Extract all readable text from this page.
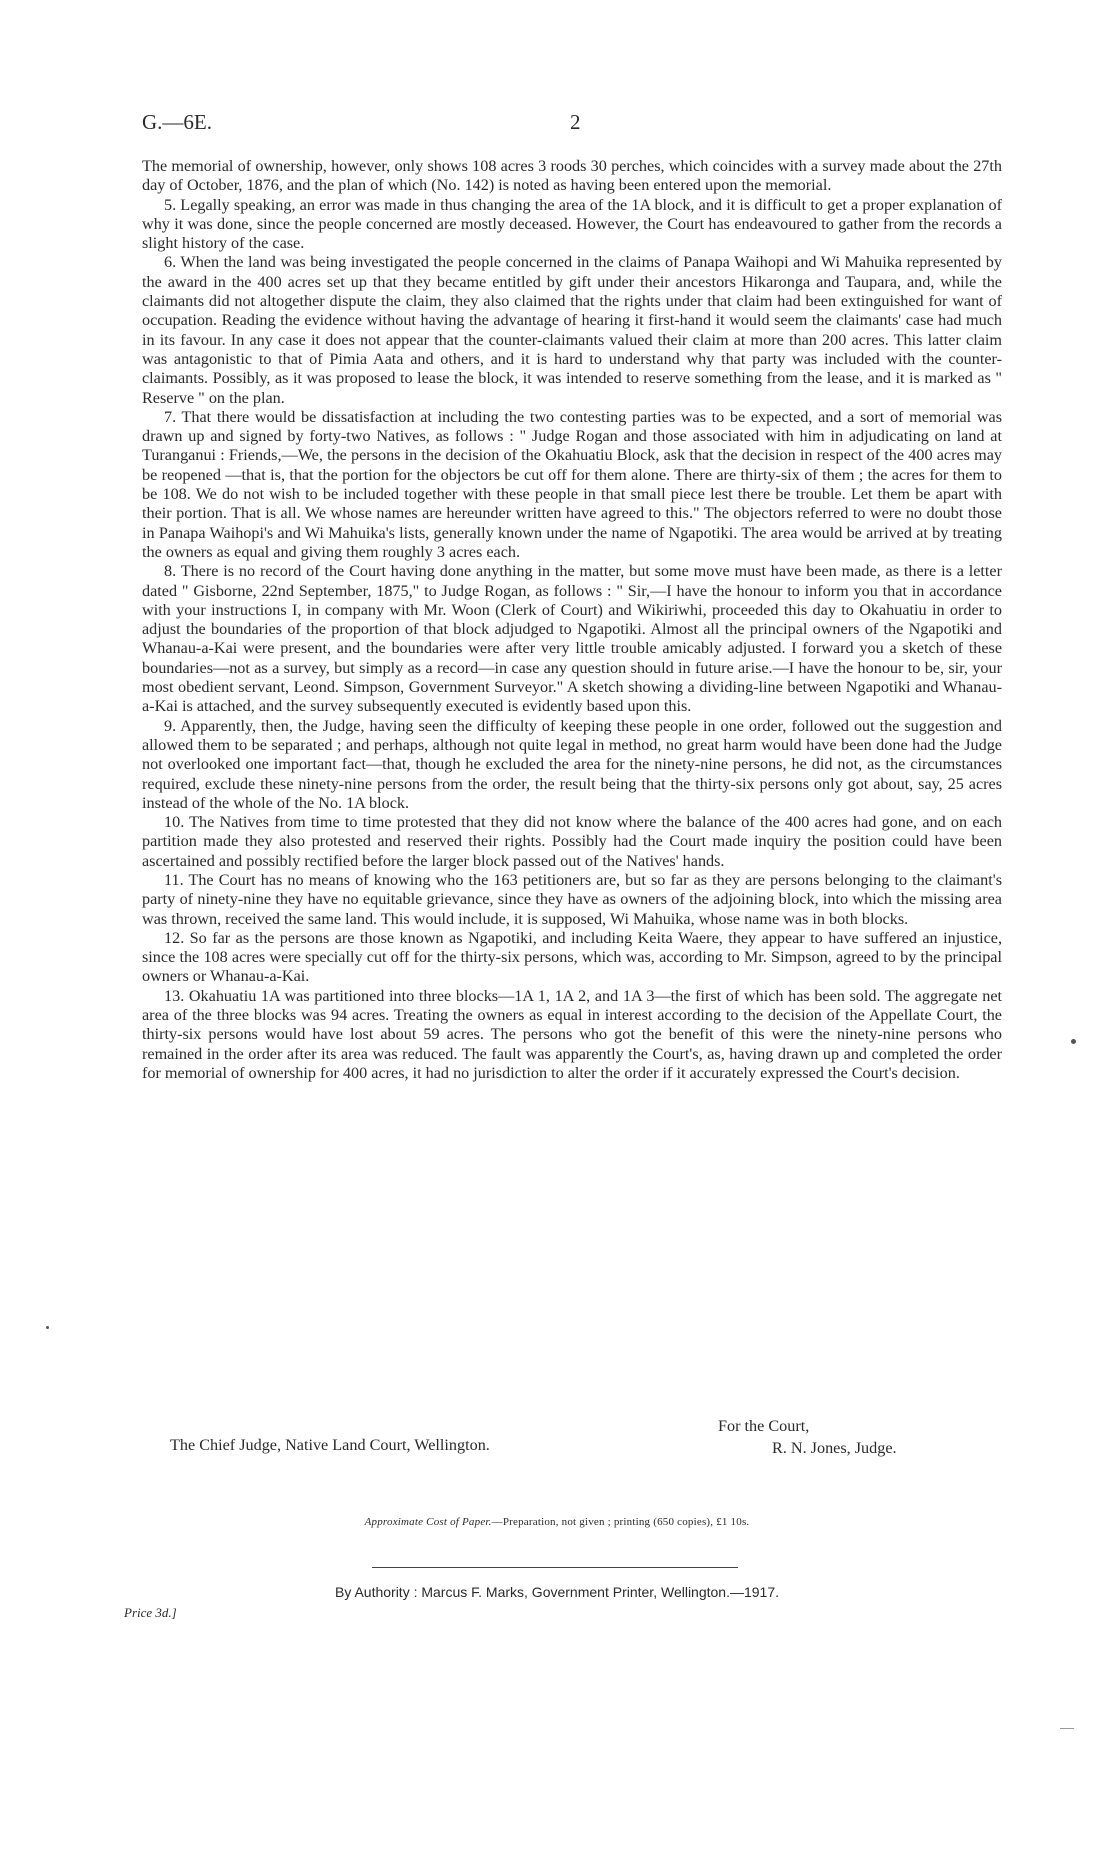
G.—6E.	2

The memorial of ownership, however, only shows 108 acres 3 roods 30 perches, which coincides with a survey made about the 27th day of October, 1876, and the plan of which (No. 142) is noted as having been entered upon the memorial.

5. Legally speaking, an error was made in thus changing the area of the 1A block, and it is difficult to get a proper explanation of why it was done, since the people concerned are mostly deceased. However, the Court has endeavoured to gather from the records a slight history of the case.

6. When the land was being investigated the people concerned in the claims of Panapa Waihopi and Wi Mahuika represented by the award in the 400 acres set up that they became entitled by gift under their ancestors Hikaronga and Taupara, and, while the claimants did not altogether dispute the claim, they also claimed that the rights under that claim had been extinguished for want of occupation. Reading the evidence without having the advantage of hearing it first-hand it would seem the claimants' case had much in its favour. In any case it does not appear that the counter-claimants valued their claim at more than 200 acres. This latter claim was antagonistic to that of Pimia Aata and others, and it is hard to understand why that party was included with the counter-claimants. Possibly, as it was proposed to lease the block, it was intended to reserve something from the lease, and it is marked as " Reserve " on the plan.

7. That there would be dissatisfaction at including the two contesting parties was to be expected, and a sort of memorial was drawn up and signed by forty-two Natives, as follows : " Judge Rogan and those associated with him in adjudicating on land at Turanganui : Friends,—We, the persons in the decision of the Okahuatiu Block, ask that the decision in respect of the 400 acres may be reopened —that is, that the portion for the objectors be cut off for them alone. There are thirty-six of them ; the acres for them to be 108. We do not wish to be included together with these people in that small piece lest there be trouble. Let them be apart with their portion. That is all. We whose names are hereunder written have agreed to this." The objectors referred to were no doubt those in Panapa Waihopi's and Wi Mahuika's lists, generally known under the name of Ngapotiki. The area would be arrived at by treating the owners as equal and giving them roughly 3 acres each.

8. There is no record of the Court having done anything in the matter, but some move must have been made, as there is a letter dated " Gisborne, 22nd September, 1875," to Judge Rogan, as follows : " Sir,—I have the honour to inform you that in accordance with your instructions I, in company with Mr. Woon (Clerk of Court) and Wikiriwhi, proceeded this day to Okahuatiu in order to adjust the boundaries of the proportion of that block adjudged to Ngapotiki. Almost all the principal owners of the Ngapotiki and Whanau-a-Kai were present, and the boundaries were after very little trouble amicably adjusted. I forward you a sketch of these boundaries—not as a survey, but simply as a record—in case any question should in future arise.—I have the honour to be, sir, your most obedient servant, Leond. Simpson, Government Surveyor." A sketch showing a dividing-line between Ngapotiki and Whanau-a-Kai is attached, and the survey subsequently executed is evidently based upon this.

9. Apparently, then, the Judge, having seen the difficulty of keeping these people in one order, followed out the suggestion and allowed them to be separated ; and perhaps, although not quite legal in method, no great harm would have been done had the Judge not overlooked one important fact—that, though he excluded the area for the ninety-nine persons, he did not, as the circumstances required, exclude these ninety-nine persons from the order, the result being that the thirty-six persons only got about, say, 25 acres instead of the whole of the No. 1A block.

10. The Natives from time to time protested that they did not know where the balance of the 400 acres had gone, and on each partition made they also protested and reserved their rights. Possibly had the Court made inquiry the position could have been ascertained and possibly rectified before the larger block passed out of the Natives' hands.

11. The Court has no means of knowing who the 163 petitioners are, but so far as they are persons belonging to the claimant's party of ninety-nine they have no equitable grievance, since they have as owners of the adjoining block, into which the missing area was thrown, received the same land. This would include, it is supposed, Wi Mahuika, whose name was in both blocks.

12. So far as the persons are those known as Ngapotiki, and including Keita Waere, they appear to have suffered an injustice, since the 108 acres were specially cut off for the thirty-six persons, which was, according to Mr. Simpson, agreed to by the principal owners or Whanau-a-Kai.

13. Okahuatiu 1A was partitioned into three blocks—1A 1, 1A 2, and 1A 3—the first of which has been sold. The aggregate net area of the three blocks was 94 acres. Treating the owners as equal in interest according to the decision of the Appellate Court, the thirty-six persons would have lost about 59 acres. The persons who got the benefit of this were the ninety-nine persons who remained in the order after its area was reduced. The fault was apparently the Court's, as, having drawn up and completed the order for memorial of ownership for 400 acres, it had no jurisdiction to alter the order if it accurately expressed the Court's decision.

For the Court,
R. N. Jones, Judge.
The Chief Judge, Native Land Court, Wellington.
Approximate Cost of Paper.—Preparation, not given ; printing (650 copies), £1 10s.
By Authority : Marcus F. Marks, Government Printer, Wellington.—1917.
Price 3d.]
